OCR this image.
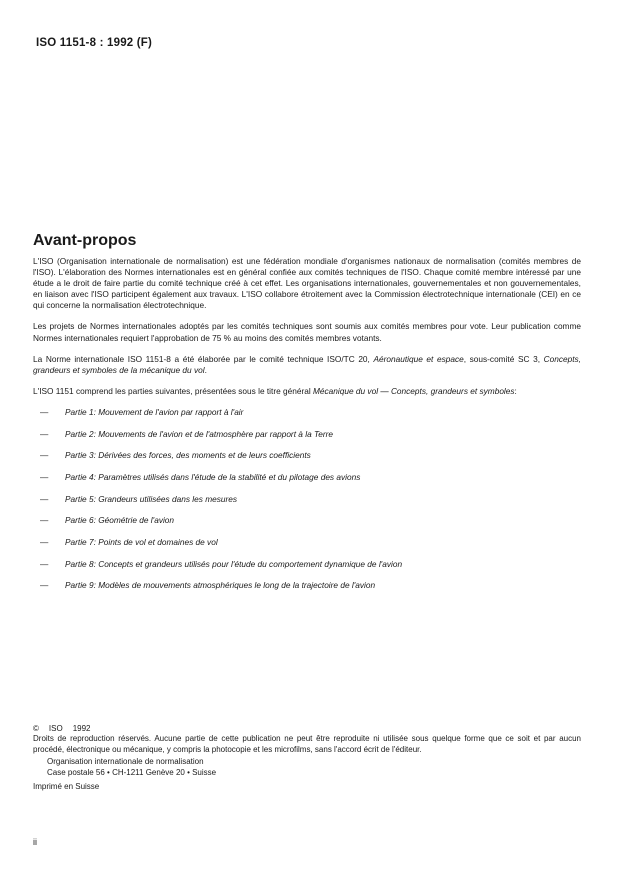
ISO 1151-8 : 1992 (F)
Avant-propos

L'ISO (Organisation internationale de normalisation) est une fédération mondiale d'organismes nationaux de normalisation (comités membres de l'ISO). L'élaboration des Normes internationales est en général confiée aux comités techniques de l'ISO. Chaque comité membre intéressé par une étude a le droit de faire partie du comité technique créé à cet effet. Les organisations internationales, gouvernementales et non gouvernementales, en liaison avec l'ISO participent également aux travaux. L'ISO collabore étroitement avec la Commission électrotechnique internationale (CEI) en ce qui concerne la normalisation électrotechnique.

Les projets de Normes internationales adoptés par les comités techniques sont soumis aux comités membres pour vote. Leur publication comme Normes internationales requiert l'approbation de 75 % au moins des comités membres votants.

La Norme internationale ISO 1151-8 a été élaborée par le comité technique ISO/TC 20, Aéronautique et espace, sous-comité SC 3, Concepts, grandeurs et symboles de la mécanique du vol.

L'ISO 1151 comprend les parties suivantes, présentées sous le titre général Mécanique du vol — Concepts, grandeurs et symboles:

— Partie 1: Mouvement de l'avion par rapport à l'air
— Partie 2: Mouvements de l'avion et de l'atmosphère par rapport à la Terre
— Partie 3: Dérivées des forces, des moments et de leurs coefficients
— Partie 4: Paramètres utilisés dans l'étude de la stabilité et du pilotage des avions
— Partie 5: Grandeurs utilisées dans les mesures
— Partie 6: Géométrie de l'avion
— Partie 7: Points de vol et domaines de vol
— Partie 8: Concepts et grandeurs utilisés pour l'étude du comportement dynamique de l'avion
— Partie 9: Modèles de mouvements atmosphériques le long de la trajectoire de l'avion

© ISO 1992

Droits de reproduction réservés. Aucune partie de cette publication ne peut être reproduite ni utilisée sous quelque forme que ce soit et par aucun procédé, électronique ou mécanique, y compris la photocopie et les microfilms, sans l'accord écrit de l'éditeur.

Organisation internationale de normalisation
Case postale 56 • CH-1211 Genève 20 • Suisse

Imprimé en Suisse

ii
